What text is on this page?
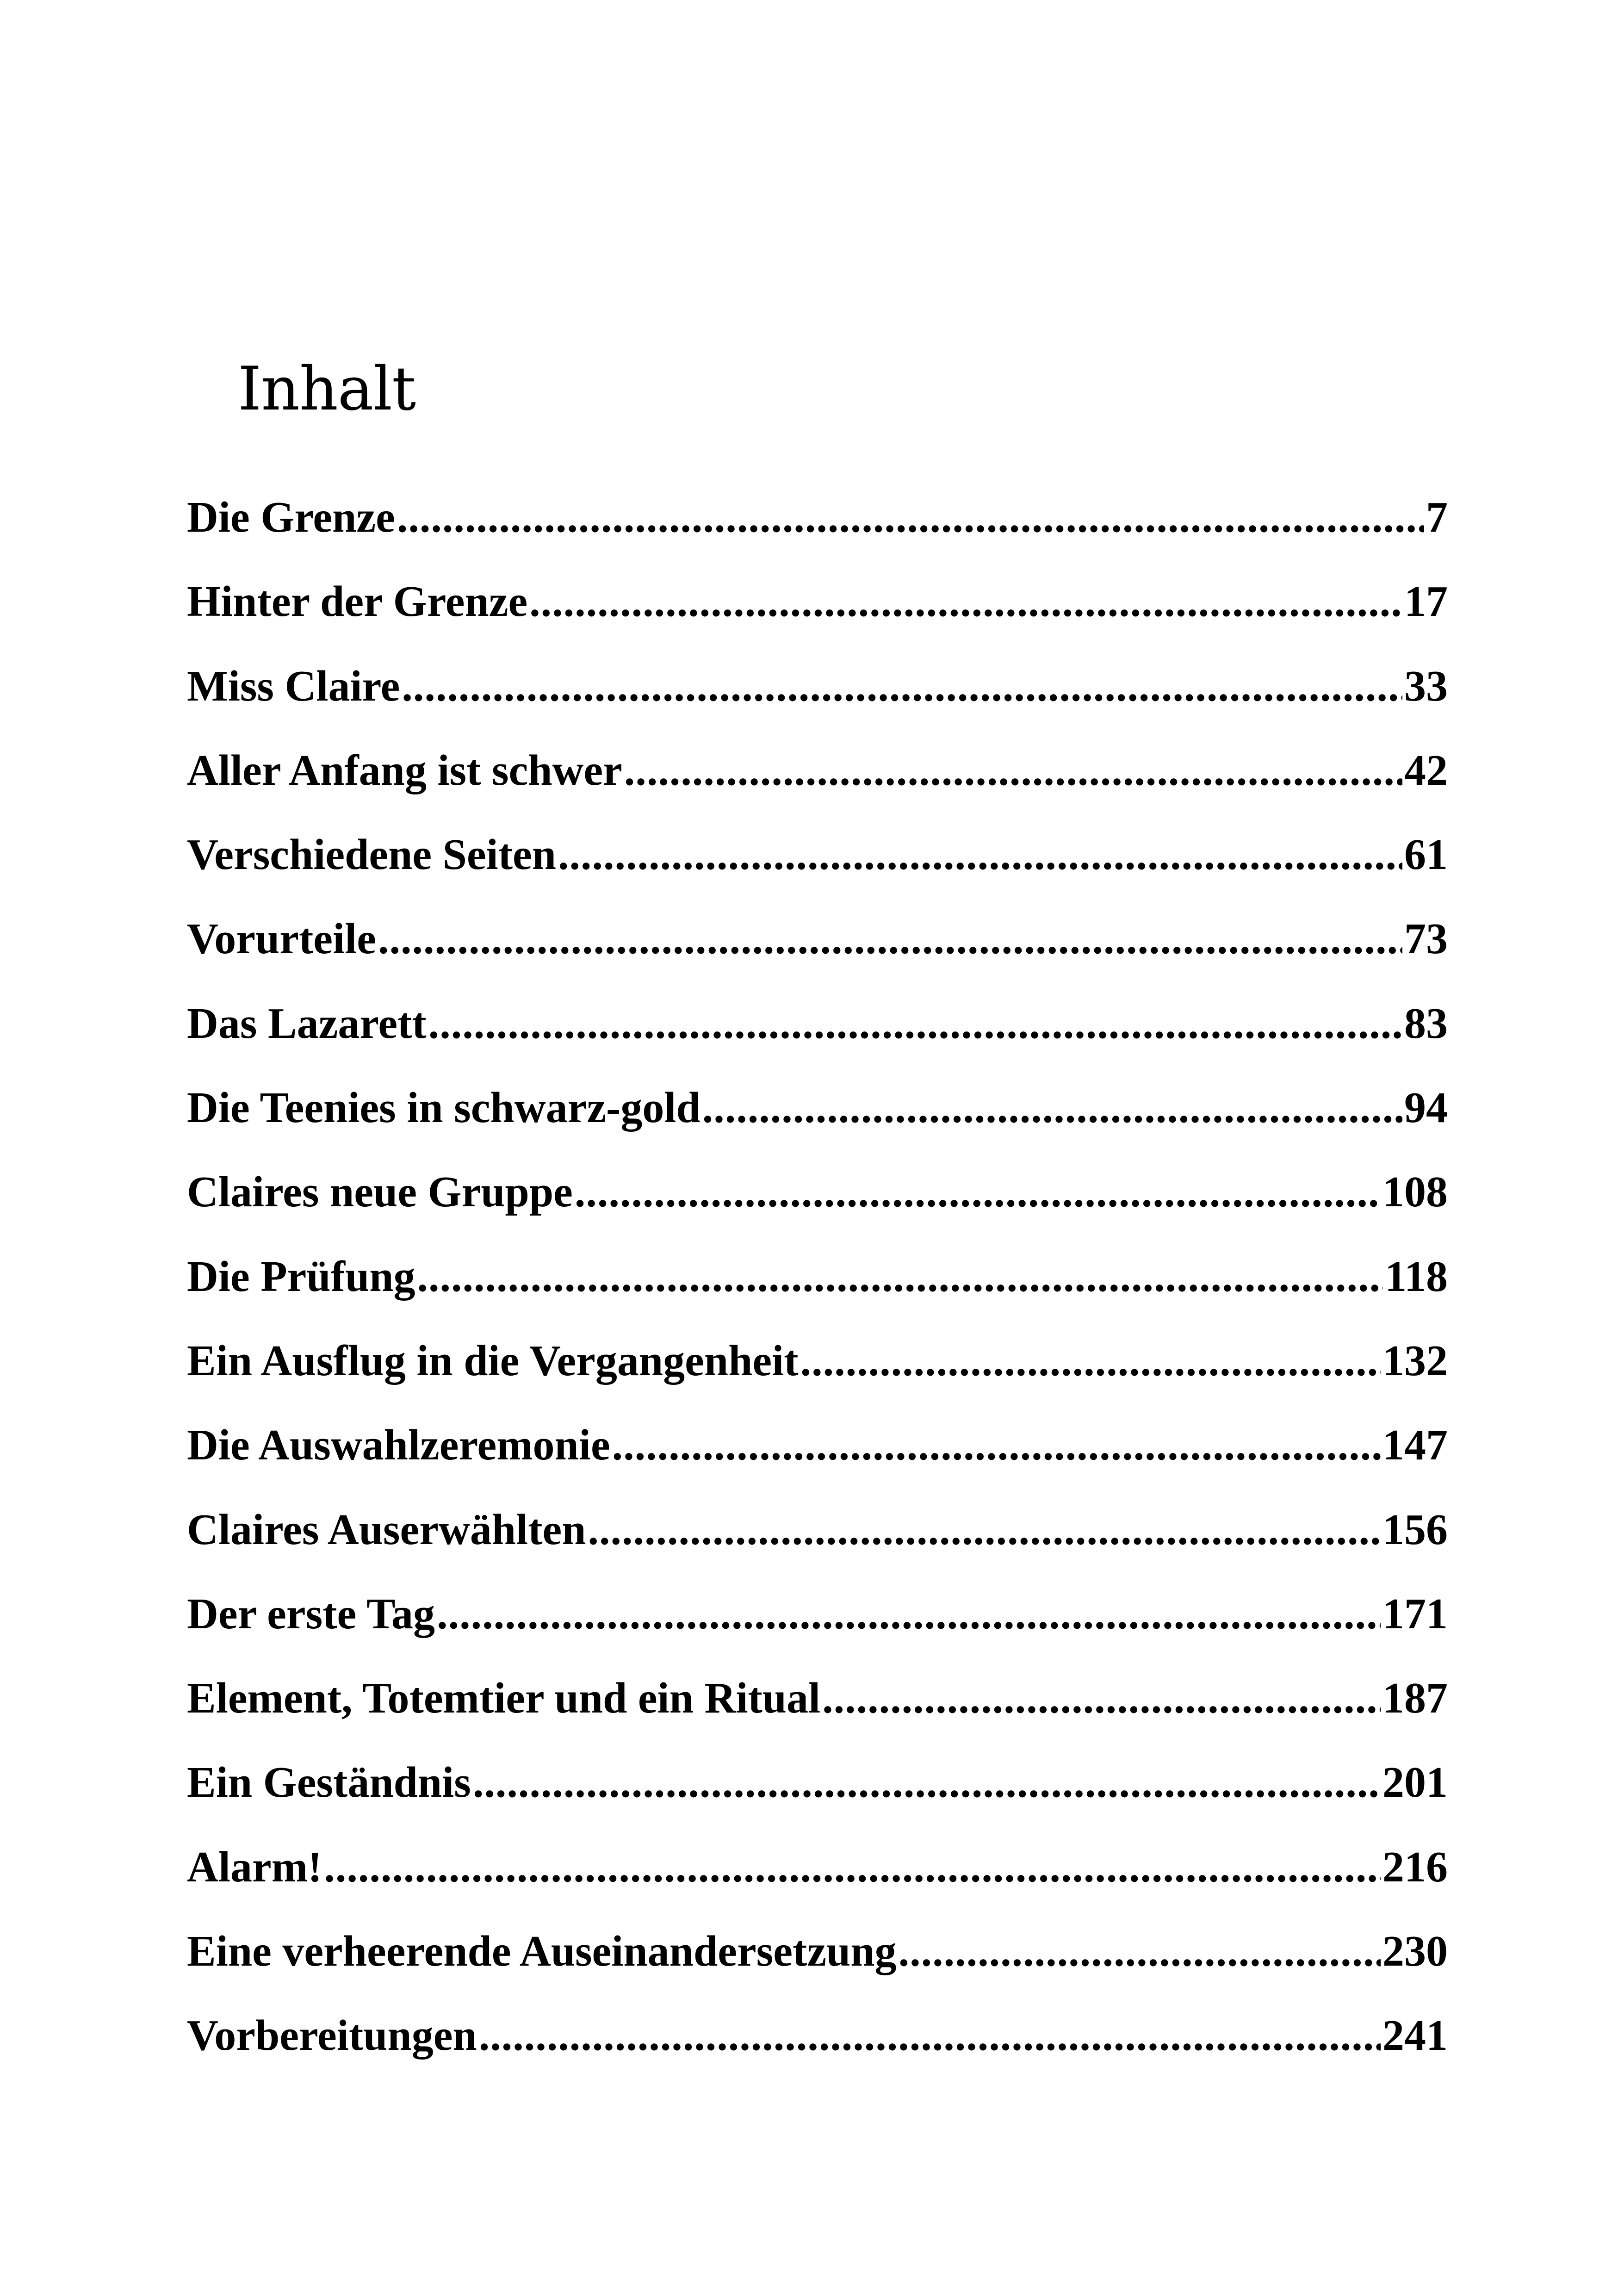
Inhalt
Die Grenze .....	7
Hinter der Grenze .....	17
Miss Claire .....	33
Aller Anfang ist schwer .....	42
Verschiedene Seiten .....	61
Vorurteile .....	73
Das Lazarett .....	83
Die Teenies in schwarz-gold .....	94
Claires neue Gruppe .....	108
Die Prüfung .....	118
Ein Ausflug in die Vergangenheit .....	132
Die Auswahlzeremonie .....	147
Claires Auserwählten .....	156
Der erste Tag .....	171
Element, Totemtier und ein Ritual .....	187
Ein Geständnis .....	201
Alarm! .....	216
Eine verheerende Auseinandersetzung .....	230
Vorbereitungen .....	241
